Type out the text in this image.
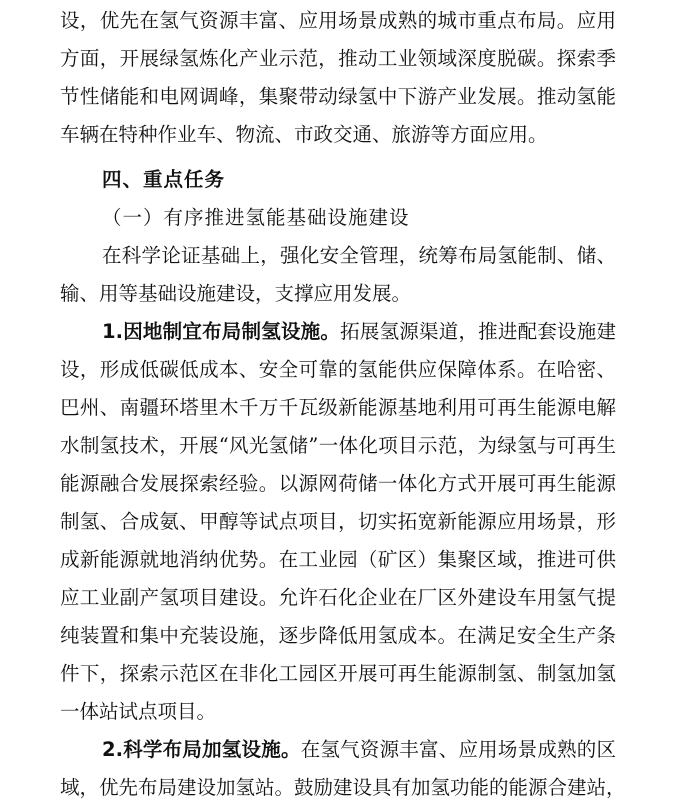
设，优先在氢气资源丰富、应用场景成熟的城市重点布局。应用
方面，开展绿氢炼化产业示范，推动工业领域深度脱碳。探索季
节性储能和电网调峰，集聚带动绿氢中下游产业发展。推动氢能
车辆在特种作业车、物流、市政交通、旅游等方面应用。
四、重点任务
（一）有序推进氢能基础设施建设
在科学论证基础上，强化安全管理，统筹布局氢能制、储、
输、用等基础设施建设，支撑应用发展。
1.因地制宜布局制氢设施。拓展氢源渠道，推进配套设施建
设，形成低碳低成本、安全可靠的氢能供应保障体系。在哈密、
巴州、南疆环塔里木千万千瓦级新能源基地利用可再生能源电解
水制氢技术，开展“风光氢储”一体化项目示范，为绿氢与可再生
能源融合发展探索经验。以源网荷储一体化方式开展可再生能源
制氢、合成氨、甲醇等试点项目，切实拓宽新能源应用场景，形
成新能源就地消纳优势。在工业园（矿区）集聚区域，推进可供
应工业副产氢项目建设。允许石化企业在厂区外建设车用氢气提
纯装置和集中充装设施，逐步降低用氢成本。在满足安全生产条
件下，探索示范区在非化工园区开展可再生能源制氢、制氢加氢
一体站试点项目。
2.科学布局加氢设施。在氢气资源丰富、应用场景成熟的区
域，优先布局建设加氢站。鼓励建设具有加氢功能的能源合建站，
